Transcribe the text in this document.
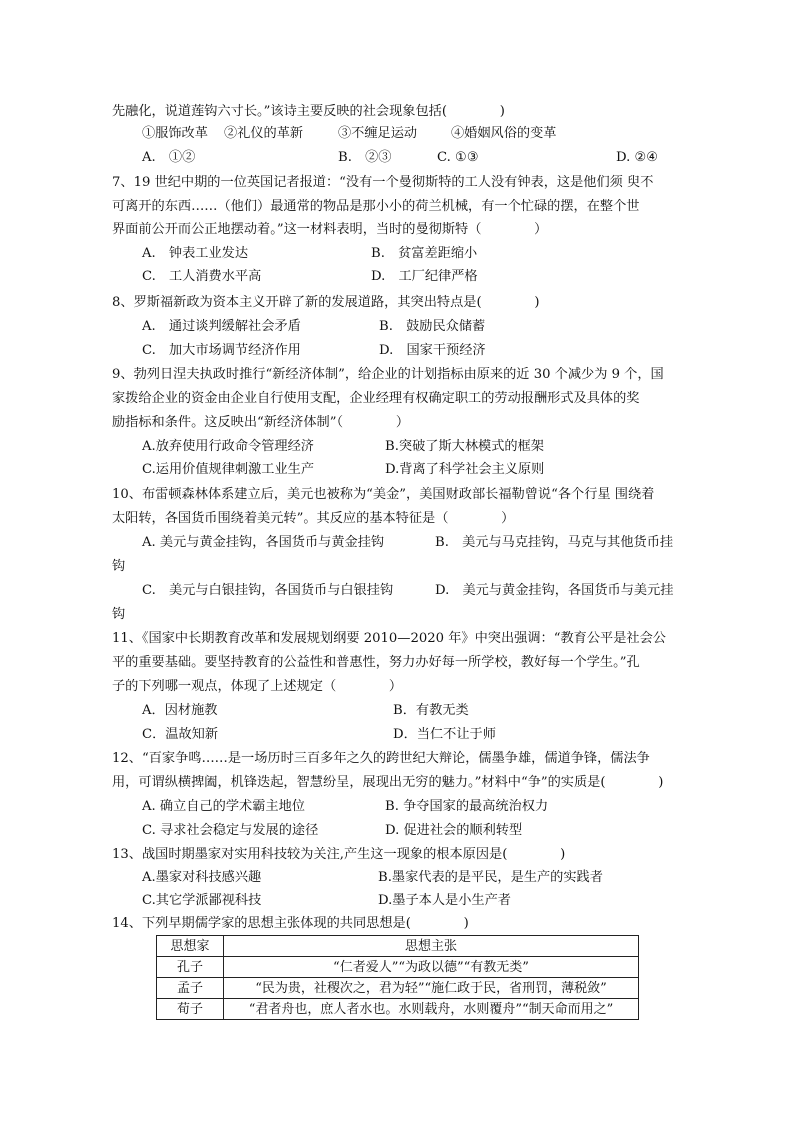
先融化，说道莲钩六寸长。”该诗主要反映的社会现象包括(　　　　)
①服饰改革 ②礼仪的革新	③不缠足运动	④婚姻风俗的变革
A.　①②	B.　②③	C. ①③	D. ②④
7、19 世纪中期的一位英国记者报道：“没有一个曼彻斯特的工人没有钟表，这是他们须 臾不
可离开的东西……（他们）最通常的物品是那小小的荷兰机械，有一个忙碌的摆，在整个世
界面前公开而公正地摆动着。”这一材料表明，当时的曼彻斯特（　　　　）
A.　钟表工业发达	B.　贫富差距缩小
C.　工人消费水平高	D.　工厂纪律严格
8、罗斯福新政为资本主义开辟了新的发展道路，其突出特点是(　　　　)
A.　通过谈判缓解社会矛盾	B.　鼓励民众储蓄
C.　加大市场调节经济作用	D.　国家干预经济
9、勃列日涅夫执政时推行“新经济体制”，给企业的计划指标由原来的近 30 个减少为 9 个，国
家拨给企业的资金由企业自行使用支配，企业经理有权确定职工的劳动报酬形式及具体的奖
励指标和条件。这反映出“新经济体制”（　　　　）
A.放弃使用行政命令管理经济	B.突破了斯大林模式的框架
C.运用价值规律刺激工业生产	D.背离了科学社会主义原则
10、布雷顿森林体系建立后，美元也被称为“美金”，美国财政部长福勒曾说“各个行星 围绕着
太阳转，各国货币围绕着美元转”。其反应的基本特征是（　　　　）
A. 美元与黄金挂钩，各国货币与黄金挂钩	B.　美元与马克挂钩，马克与其他货币挂
钩
C.　美元与白银挂钩，各国货币与白银挂钩	D.　美元与黄金挂钩，各国货币与美元挂
钩
11、《国家中长期教育改革和发展规划纲要 2010—2020 年》中突出强调：“教育公平是社会公
平的重要基础。要坚持教育的公益性和普惠性，努力办好每一所学校，教好每一个学生。”孔
子的下列哪一观点，体现了上述规定（　　　　）
A．因材施教	B．有教无类
C．温故知新	D．当仁不让于师
12、“百家争鸣……是一场历时三百多年之久的跨世纪大辩论，儒墨争雄，儒道争锋，儒法争
用，可谓纵横捭阖，机锋迭起，智慧纷呈，展现出无穷的魅力。”材料中“争”的实质是(　　　　)
A. 确立自己的学术霸主地位	B. 争夺国家的最高统治权力
C. 寻求社会稳定与发展的途径	D. 促进社会的顺利转型
13、战国时期墨家对实用科技较为关注,产生这一现象的根本原因是(　　　　)
A.墨家对科技感兴趣	B.墨家代表的是平民，是生产的实践者
C.其它学派鄙视科技	D.墨子本人是小生产者
14、下列早期儒学家的思想主张体现的共同思想是(　　　　)
思想家	思想主张
孔子	“仁者爱人”“为政以德”“有教无类”
孟子	“民为贵，社稷次之，君为轻”“施仁政于民，省刑罚，薄税敛”
荀子	“君者舟也，庶人者水也。水则载舟，水则覆舟”“制天命而用之”
